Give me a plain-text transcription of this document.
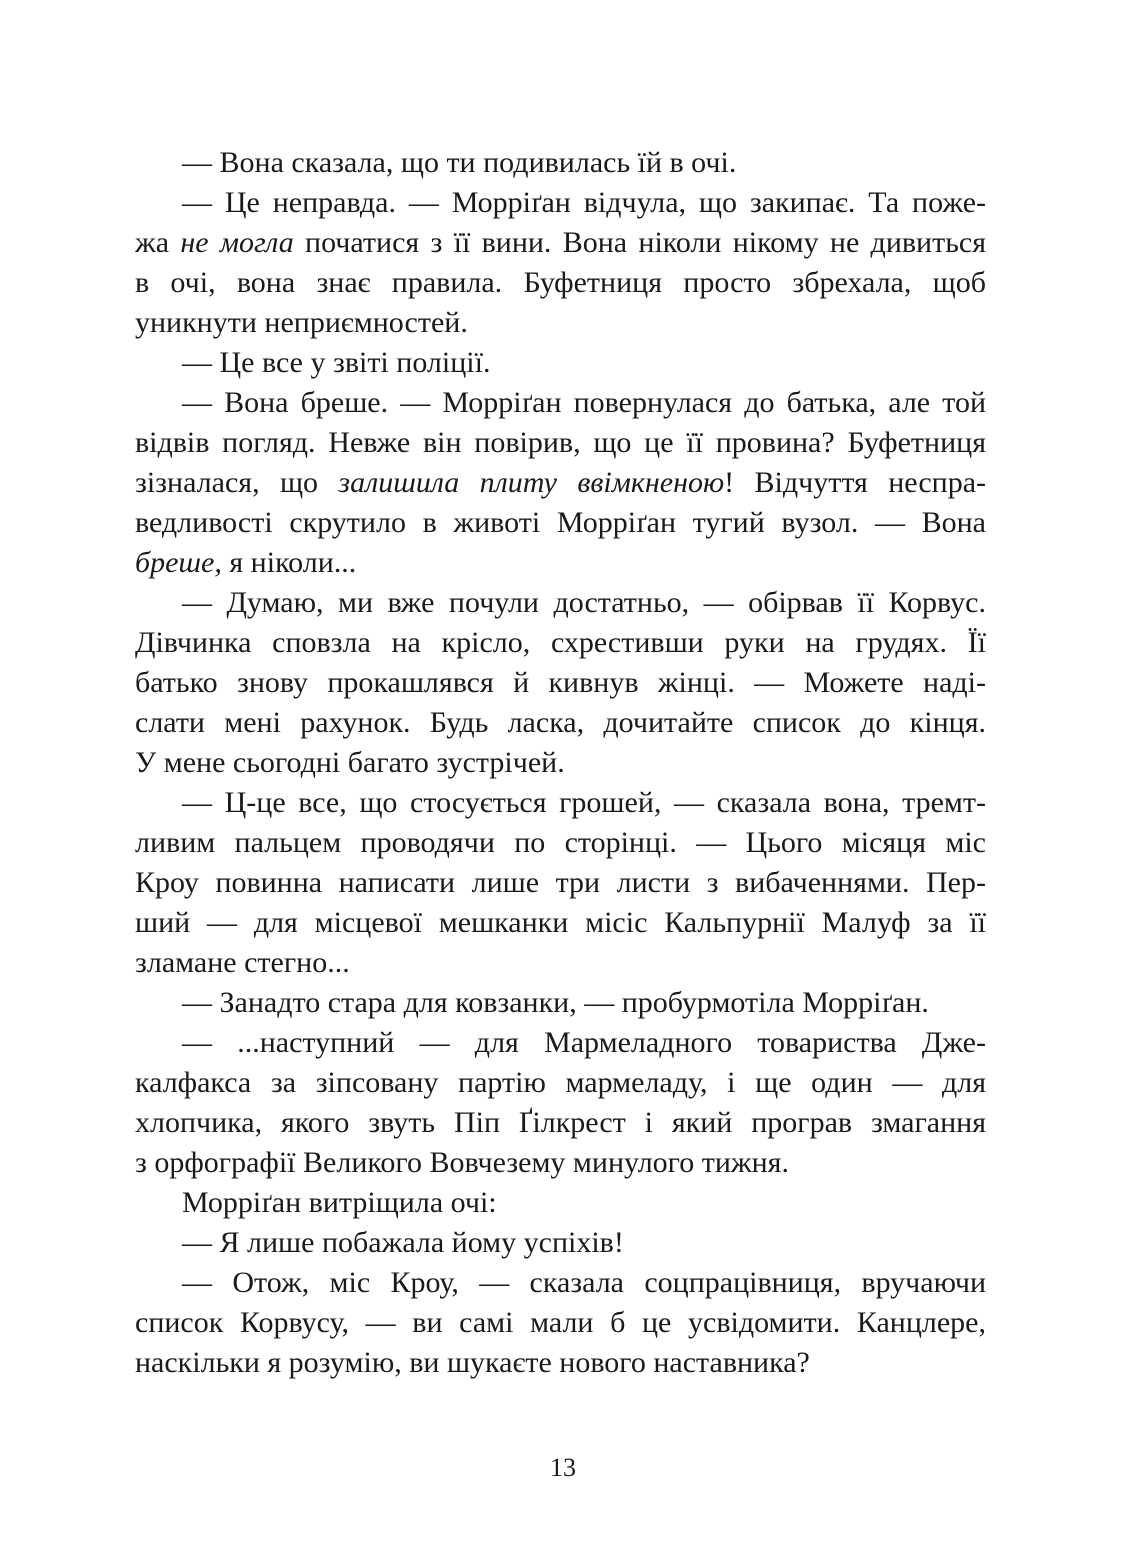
— Вона сказала, що ти подивилась їй в очі.

— Це неправда. — Морріґан відчула, що закипає. Та поже-
жа не могла початися з її вини. Вона ніколи нікому не дивиться
в очі, вона знає правила. Буфетниця просто збрехала, щоб
уникнути неприємностей.

— Це все у звіті поліції.

— Вона бреше. — Морріґан повернулася до батька, але той
відвів погляд. Невже він повірив, що це її провина? Буфетниця
зізналася, що залишила плиту ввімкненою! Відчуття неспра-
ведливості скрутило в животі Морріґан тугий вузол. — Вона
бреше, я ніколи...

— Думаю, ми вже почули достатньо, — обірвав її Корвус.
Дівчинка сповзла на крісло, схрестивши руки на грудях. Її
батько знову прокашлявся й кивнув жінці. — Можете наді-
слати мені рахунок. Будь ласка, дочитайте список до кінця.
У мене сьогодні багато зустрічей.

— Ц-це все, що стосується грошей, — сказала вона, тремт-
ливим пальцем проводячи по сторінці. — Цього місяця міс
Кроу повинна написати лише три листи з вибаченнями. Пер-
ший — для місцевої мешканки місіс Кальпурнії Малуф за її
зламане стегно...

— Занадто стара для ковзанки, — пробурмотіла Морріґан.

— ...наступний — для Мармеладного товариства Дже-
калфакса за зіпсовану партію мармеладу, і ще один — для
хлопчика, якого звуть Піп Ґілкрест і який програв змагання
з орфографії Великого Вовчезему минулого тижня.

Морріґан витріщила очі:

— Я лише побажала йому успіхів!

— Отож, міс Кроу, — сказала соцпрацівниця, вручаючи
список Корвусу, — ви самі мали б це усвідомити. Канцлере,
наскільки я розумію, ви шукаєте нового наставника?

13
